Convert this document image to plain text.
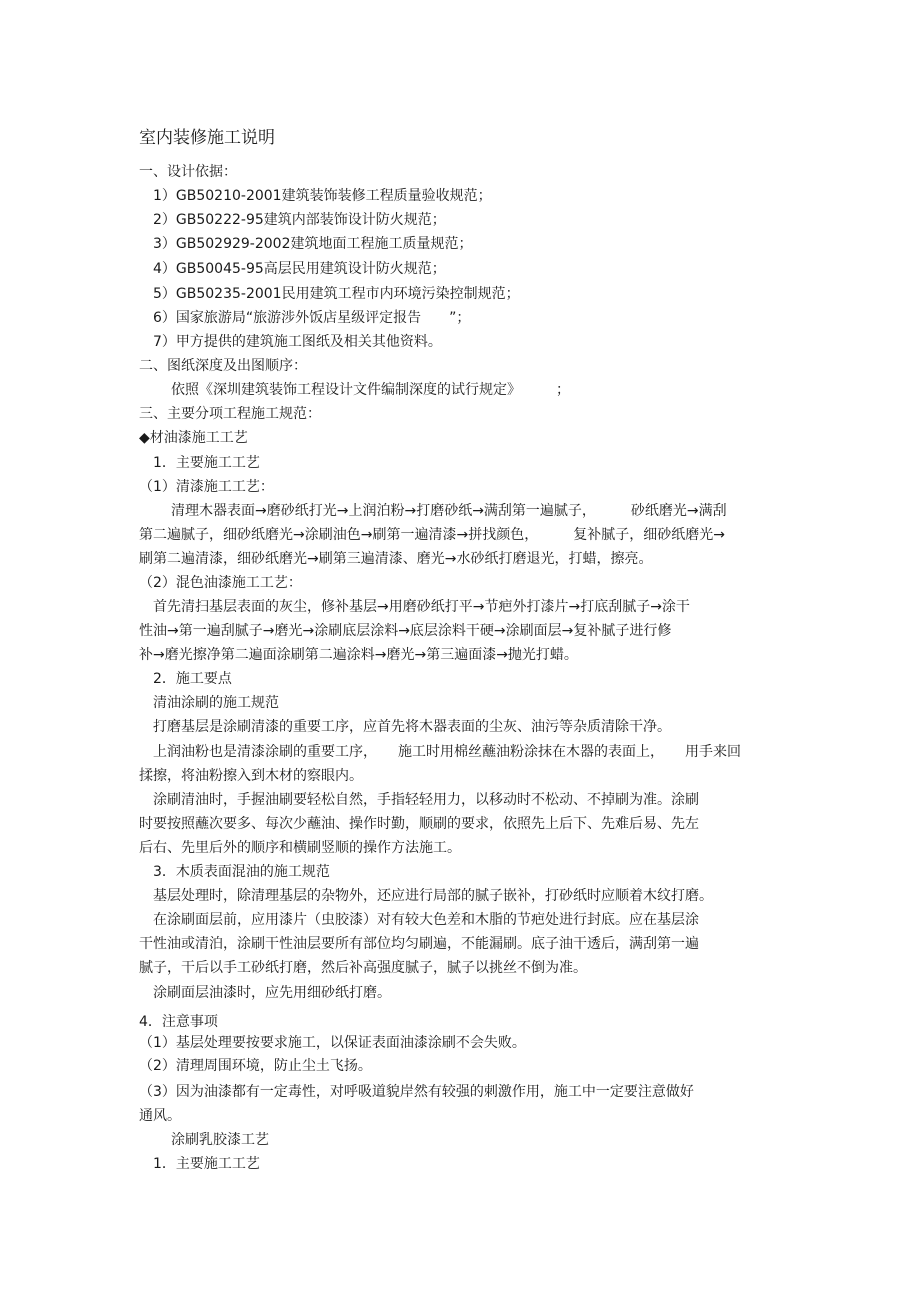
室内装修施工说明
一、设计依据：
1）GB50210-2001建筑装饰装修工程质量验收规范；
2）GB50222-95建筑内部装饰设计防火规范；
3）GB502929-2002建筑地面工程施工质量规范；
4）GB50045-95高层民用建筑设计防火规范；
5）GB50235-2001民用建筑工程市内环境污染控制规范；
6）国家旅游局“旅游涉外饭店星级评定报告　　”；
7）甲方提供的建筑施工图纸及相关其他资料。
二、图纸深度及出图顺序：
依照《深圳建筑装饰工程设计文件编制深度的试行规定》　　　；
三、主要分项工程施工规范：
◆材油漆施工工艺
1．主要施工工艺
（1）清漆施工工艺：
清理木器表面→磨砂纸打光→上润泊粉→打磨砂纸→满刮第一遍腻子，　　　砂纸磨光→满刮
第二遍腻子，细砂纸磨光→涂刷油色→刷第一遍清漆→拼找颜色，　　　复补腻子，细砂纸磨光→
刷第二遍清漆，细砂纸磨光→刷第三遍清漆、磨光→水砂纸打磨退光，打蜡，擦亮。
（2）混色油漆施工工艺：
首先清扫基层表面的灰尘，修补基层→用磨砂纸打平→节疤外打漆片→打底刮腻子→涂干
性油→第一遍刮腻子→磨光→涂刷底层涂料→底层涂料干硬→涂刷面层→复补腻子进行修
补→磨光擦净第二遍面涂刷第二遍涂料→磨光→第三遍面漆→抛光打蜡。
2．施工要点
清油涂刷的施工规范
打磨基层是涂刷清漆的重要工序，应首先将木器表面的尘灰、油污等杂质清除干净。
上润油粉也是清漆涂刷的重要工序，　　施工时用棉丝蘸油粉涂抹在木器的表面上，　　用手来回
揉擦，将油粉擦入到木材的察眼内。
涂刷清油时，手握油刷要轻松自然，手指轻轻用力，以移动时不松动、不掉刷为准。涂刷
时要按照蘸次要多、每次少蘸油、操作时勤，顺刷的要求，依照先上后下、先难后易、先左
后右、先里后外的顺序和横刷竖顺的操作方法施工。
3．木质表面混油的施工规范
基层处理时，除清理基层的杂物外，还应进行局部的腻子嵌补，打砂纸时应顺着木纹打磨。
在涂刷面层前，应用漆片（虫胶漆）对有较大色差和木脂的节疤处进行封底。应在基层涂
干性油或清泊，涂刷干性油层要所有部位均匀刷遍，不能漏刷。底子油干透后，满刮第一遍
腻子，干后以手工砂纸打磨，然后补高强度腻子，腻子以挑丝不倒为准。
涂刷面层油漆时，应先用细砂纸打磨。
4．注意事项
（1）基层处理要按要求施工，以保证表面油漆涂刷不会失败。
（2）清理周围环境，防止尘土飞扬。
（3）因为油漆都有一定毒性，对呼吸道貌岸然有较强的刺激作用，施工中一定要注意做好
通风。
涂刷乳胶漆工艺
1．主要施工工艺
